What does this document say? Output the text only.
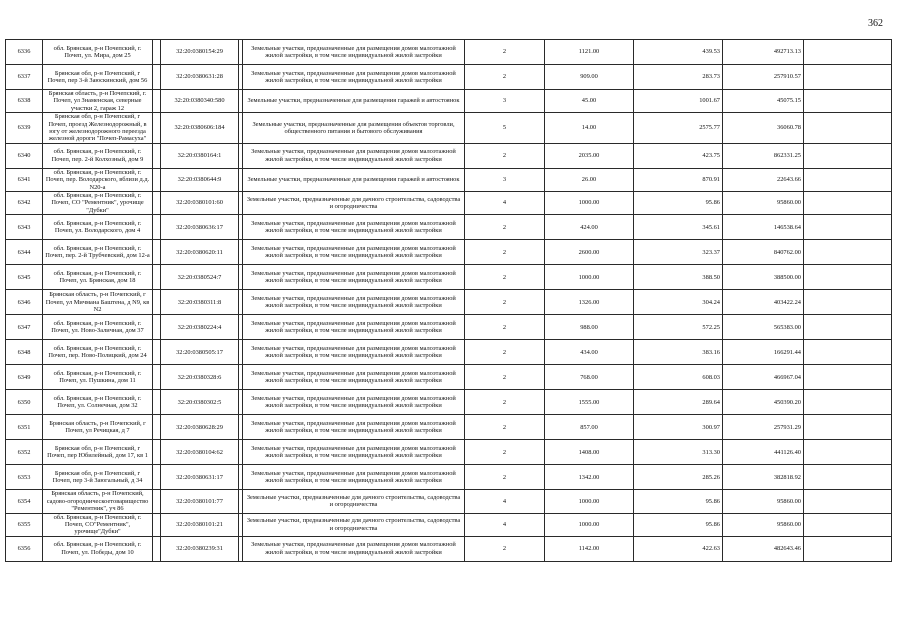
362
6336	обл. Брянская, р-н Почепский, г. Почеп, ул. Мира, дом 25		32:20:0380154:29		Земельные участки, предназначенные для размещения домов малоэтажной жилой застройки, в том числе индивидуальной жилой застройки	2	1121.00	439.53	492713.13	
6337	Брянская обл, р-н Почепский, г Почеп, пер 3-й Заюскинский, дом 56		32:20:0380631:28		Земельные участки, предназначенные для размещения домов малоэтажной жилой застройки, в том числе индивидуальной жилой застройки	2	909.00	283.73	257910.57	
6338	Брянская область, р-н Почепский, г. Почеп, ул Знаменская, северные участки 2, гараж 12		32:20:0380340:580		Земельные участки, предназначенные для размещения гаражей и автостоянок	3	45.00	1001.67	45075.15	
6339	Брянская обл, р-н Почепский, г Почеп, проезд Железнодорожный, в югу от железнодорожного переезда железной дороги "Почеп-Рамасуха"		32:20:0380606:184		Земельные участки, предназначенные для размещения объектов торговли, общественного питания и бытового обслуживания	5	14.00	2575.77	36060.78	
6340	обл. Брянская, р-н Почепский, г. Почеп, пер. 2-й Колхозный, дом 9		32:20:0380164:1		Земельные участки, предназначенные для размещения домов малоэтажной жилой застройки, в том числе индивидуальной жилой застройки	2	2035.00	423.75	862331.25	
6341	обл. Брянская, р-н Почепский, г. Почеп, пер. Володарского, вблизи д.д. N20-а		32:20:0380644:9		Земельные участки, предназначенные для размещения гаражей и автостоянок	3	26.00	870.91	22643.66	
6342	обл. Брянская, р-н Почепский, г. Почеп, СО "Рементник", урочище "Дубки"		32:20:0380101:60		Земельные участки, предназначенные для дачного строительства, садоводства и огородничества	4	1000.00	95.86	95860.00	
6343	обл. Брянская, р-н Почепский, г. Почеп, ул. Володарского, дом 4		32:20:0380636:17		Земельные участки, предназначенные для размещения домов малоэтажной жилой застройки, в том числе индивидуальной жилой застройки	2	424.00	345.61	146538.64	
6344	обл. Брянская, р-н Почепский, г. Почеп, пер. 2-й Трубчевский, дом 12-а		32:20:0380620:11		Земельные участки, предназначенные для размещения домов малоэтажной жилой застройки, в том числе индивидуальной жилой застройки	2	2600.00	323.37	840762.00	
6345	обл. Брянская, р-н Почепский, г. Почеп, ул. Брянская, дом 18		32:20:0380524:7		Земельные участки, предназначенные для размещения домов малоэтажной жилой застройки, в том числе индивидуальной жилой застройки	2	1000.00	388.50	388500.00	
6346	Брянская область, р-н Почепский, г Почеп, ул Мичмана Баштена, д N9, кв N2		32:20:0380311:8		Земельные участки, предназначенные для размещения домов малоэтажной жилой застройки, в том числе индивидуальной жилой застройки	2	1326.00	304.24	403422.24	
6347	обл. Брянская, р-н Почепский, г. Почеп, ул. Ново-Заличная, дом 37		32:20:0380224:4		Земельные участки, предназначенные для размещения домов малоэтажной жилой застройки, в том числе индивидуальной жилой застройки	2	988.00	572.25	565383.00	
6348	обл. Брянская, р-н Почепский, г. Почеп, пер. Ново-Полицкий, дом 24		32:20:0380505:17		Земельные участки, предназначенные для размещения домов малоэтажной жилой застройки, в том числе индивидуальной жилой застройки	2	434.00	383.16	166291.44	
6349	обл. Брянская, р-н Почепский, г. Почеп, ул. Пушкина, дом 11		32:20:0380328:6		Земельные участки, предназначенные для размещения домов малоэтажной жилой застройки, в том числе индивидуальной жилой застройки	2	768.00	608.03	466967.04	
6350	обл. Брянская, р-н Почепский, г. Почеп, ул. Солнечная, дом 32		32:20:0380302:5		Земельные участки, предназначенные для размещения домов малоэтажной жилой застройки, в том числе индивидуальной жилой застройки	2	1555.00	289.64	450390.20	
6351	Брянская область, р-н Почепский, г Почеп, ул Речицкая, д 7		32:20:0380628:29		Земельные участки, предназначенные для размещения домов малоэтажной жилой застройки, в том числе индивидуальной жилой застройки	2	857.00	300.97	257931.29	
6352	Брянская обл, р-н Почепский, г Почеп, пер Юбилейный, дом 17, кв 1		32:20:0380104:62		Земельные участки, предназначенные для размещения домов малоэтажной жилой застройки, в том числе индивидуальной жилой застройки	2	1408.00	313.30	441126.40	
6353	Брянская обл, р-н Почепский, г Почеп, пер 3-й Заюгальный, д 34		32:20:0380631:17		Земельные участки, предназначенные для размещения домов малоэтажной жилой застройки, в том числе индивидуальной жилой застройки	2	1342.00	285.26	382818.92	
6354	Брянская область, р-н Почепский, садово-огородническоетоварищество "Рементник", уч 86		32:20:0380101:77		Земельные участки, предназначенные для дачного строительства, садоводства и огородничества	4	1000.00	95.86	95860.00	
6355	обл. Брянская, р-н Почепский, г. Почеп, СО"Рементник", урочище"Дубки"		32:20:0380101:21		Земельные участки, предназначенные для дачного строительства, садоводства и огородничества	4	1000.00	95.86	95860.00	
6356	обл. Брянская, р-н Почепский, г. Почеп, ул. Победы, дом 10		32:20:0380239:31		Земельные участки, предназначенные для размещения домов малоэтажной жилой застройки, в том числе индивидуальной жилой застройки	2	1142.00	422.63	482643.46	
